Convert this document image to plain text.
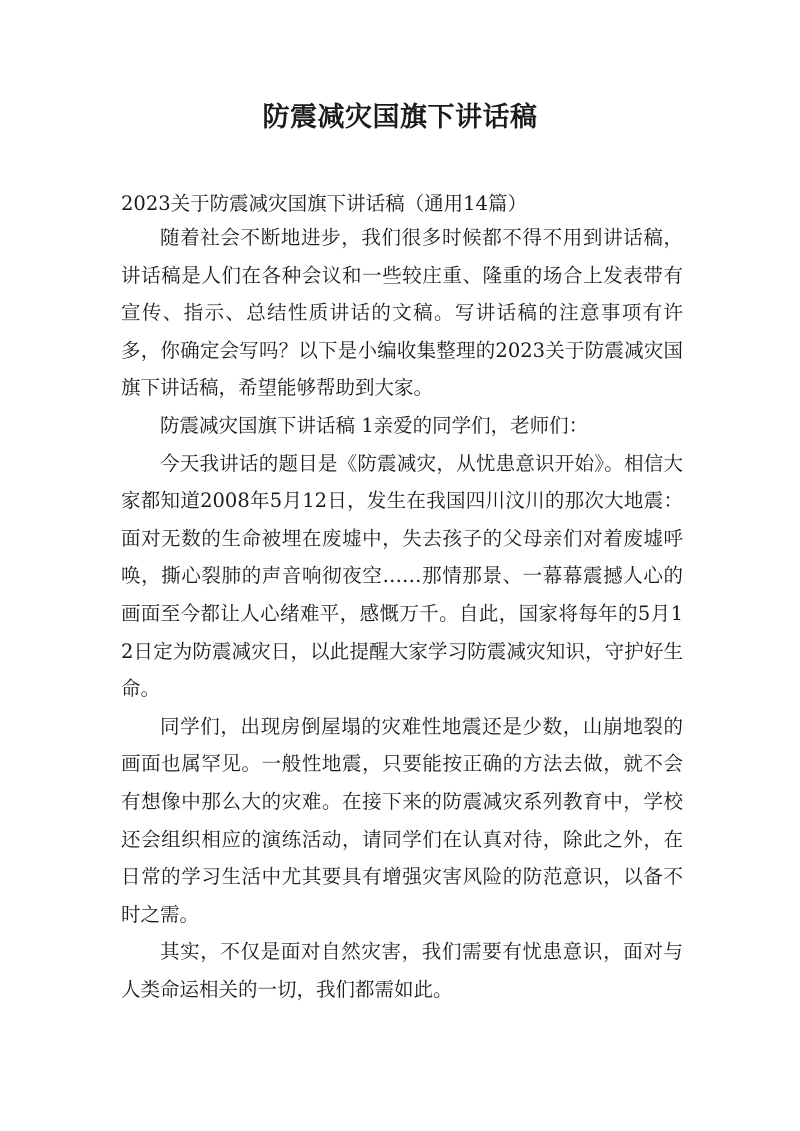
防震减灾国旗下讲话稿

2023关于防震减灾国旗下讲话稿（通用14篇）

随着社会不断地进步，我们很多时候都不得不用到讲话稿，讲话稿是人们在各种会议和一些较庄重、隆重的场合上发表带有宣传、指示、总结性质讲话的文稿。写讲话稿的注意事项有许多，你确定会写吗？以下是小编收集整理的2023关于防震减灾国旗下讲话稿，希望能够帮助到大家。

防震减灾国旗下讲话稿 1亲爱的同学们，老师们：

今天我讲话的题目是《防震减灾，从忧患意识开始》。相信大家都知道2008年5月12日，发生在我国四川汶川的那次大地震：面对无数的生命被埋在废墟中，失去孩子的父母亲们对着废墟呼唤，撕心裂肺的声音响彻夜空……那情那景、一幕幕震撼人心的画面至今都让人心绪难平，感慨万千。自此，国家将每年的5月12日定为防震减灾日，以此提醒大家学习防震减灾知识，守护好生命。

同学们，出现房倒屋塌的灾难性地震还是少数，山崩地裂的画面也属罕见。一般性地震，只要能按正确的方法去做，就不会有想像中那么大的灾难。在接下来的防震减灾系列教育中，学校还会组织相应的演练活动，请同学们在认真对待，除此之外，在日常的学习生活中尤其要具有增强灾害风险的防范意识，以备不时之需。

其实，不仅是面对自然灾害，我们需要有忧患意识，面对与人类命运相关的一切，我们都需如此。
